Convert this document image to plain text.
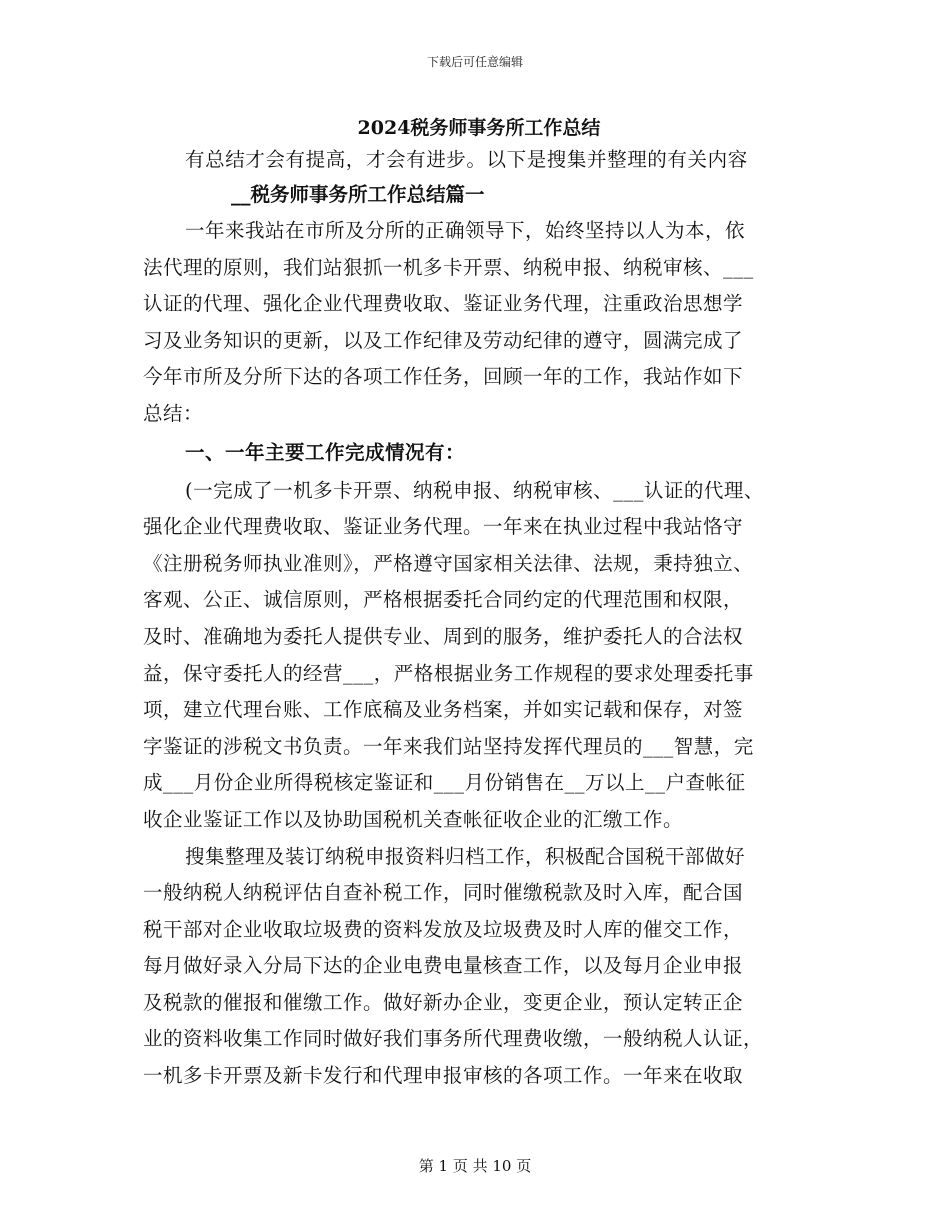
下载后可任意编辑

2024税务师事务所工作总结

有总结才会有提高，才会有进步。以下是搜集并整理的有关内容

__税务师事务所工作总结篇一

一年来我站在市所及分所的正确领导下，始终坚持以人为本，依

法代理的原则，我们站狠抓一机多卡开票、纳税申报、纳税审核、___

认证的代理、强化企业代理费收取、鉴证业务代理，注重政治思想学

习及业务知识的更新，以及工作纪律及劳动纪律的遵守，圆满完成了

今年市所及分所下达的各项工作任务，回顾一年的工作，我站作如下

总结：

一、一年主要工作完成情况有：

(一完成了一机多卡开票、纳税申报、纳税审核、___认证的代理、

强化企业代理费收取、鉴证业务代理。一年来在执业过程中我站恪守

《注册税务师执业准则》，严格遵守国家相关法律、法规，秉持独立、

客观、公正、诚信原则，严格根据委托合同约定的代理范围和权限，

及时、准确地为委托人提供专业、周到的服务，维护委托人的合法权

益，保守委托人的经营___，严格根据业务工作规程的要求处理委托事

项，建立代理台账、工作底稿及业务档案，并如实记载和保存，对签

字鉴证的涉税文书负责。一年来我们站坚持发挥代理员的___智慧，完

成___月份企业所得税核定鉴证和___月份销售在__万以上__户查帐征

收企业鉴证工作以及协助国税机关查帐征收企业的汇缴工作。

搜集整理及装订纳税申报资料归档工作，积极配合国税干部做好

一般纳税人纳税评估自查补税工作，同时催缴税款及时入库，配合国

税干部对企业收取垃圾费的资料发放及垃圾费及时人库的催交工作，

每月做好录入分局下达的企业电费电量核查工作，以及每月企业申报

及税款的催报和催缴工作。做好新办企业，变更企业，预认定转正企

业的资料收集工作同时做好我们事务所代理费收缴，一般纳税人认证，

一机多卡开票及新卡发行和代理申报审核的各项工作。一年来在收取

第 1 页 共 10 页
